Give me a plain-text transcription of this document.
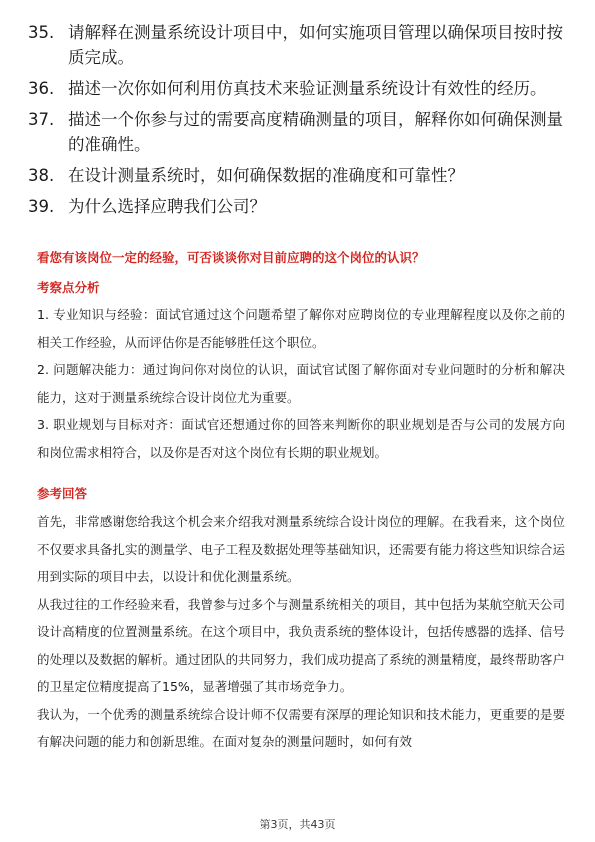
35. 请解释在测量系统设计项目中，如何实施项目管理以确保项目按时按质完成。
36. 描述一次你如何利用仿真技术来验证测量系统设计有效性的经历。
37. 描述一个你参与过的需要高度精确测量的项目，解释你如何确保测量的准确性。
38. 在设计测量系统时，如何确保数据的准确度和可靠性？
39. 为什么选择应聘我们公司？
看您有该岗位一定的经验，可否谈谈你对目前应聘的这个岗位的认识？
考察点分析
1. 专业知识与经验：面试官通过这个问题希望了解你对应聘岗位的专业理解程度以及你之前的相关工作经验，从而评估你是否能够胜任这个职位。
2. 问题解决能力：通过询问你对岗位的认识，面试官试图了解你面对专业问题时的分析和解决能力，这对于测量系统综合设计岗位尤为重要。
3. 职业规划与目标对齐：面试官还想通过你的回答来判断你的职业规划是否与公司的发展方向和岗位需求相符合，以及你是否对这个岗位有长期的职业规划。
参考回答
首先，非常感谢您给我这个机会来介绍我对测量系统综合设计岗位的理解。在我看来，这个岗位不仅要求具备扎实的测量学、电子工程及数据处理等基础知识，还需要有能力将这些知识综合运用到实际的项目中去，以设计和优化测量系统。
从我过往的工作经验来看，我曾参与过多个与测量系统相关的项目，其中包括为某航空航天公司设计高精度的位置测量系统。在这个项目中，我负责系统的整体设计，包括传感器的选择、信号的处理以及数据的解析。通过团队的共同努力，我们成功提高了系统的测量精度，最终帮助客户的卫星定位精度提高了15%，显著增强了其市场竞争力。
我认为，一个优秀的测量系统综合设计师不仅需要有深厚的理论知识和技术能力，更重要的是要有解决问题的能力和创新思维。在面对复杂的测量问题时，如何有效
第3页，共43页
